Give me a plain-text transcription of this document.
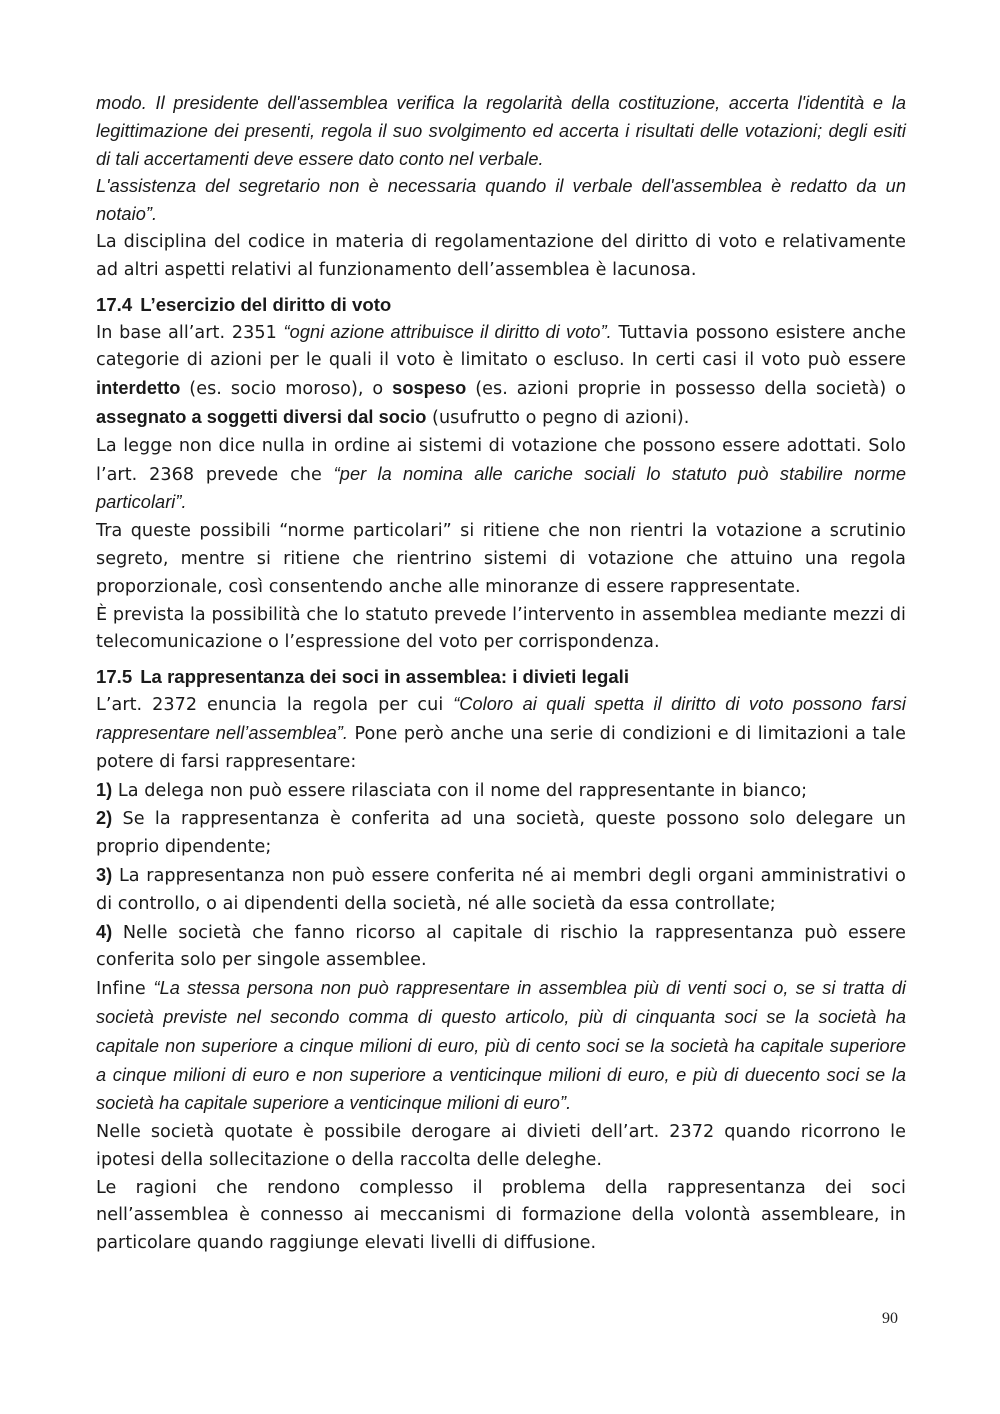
modo. Il presidente dell'assemblea verifica la regolarità della costituzione, accerta l'identità e la legittimazione dei presenti, regola il suo svolgimento ed accerta i risultati delle votazioni; degli esiti di tali accertamenti deve essere dato conto nel verbale.

L'assistenza del segretario non è necessaria quando il verbale dell'assemblea è redatto da un notaio”.

La disciplina del codice in materia di regolamentazione del diritto di voto e relativamente ad altri aspetti relativi al funzionamento dell’assemblea è lacunosa.

17.4 L’esercizio del diritto di voto

In base all’art. 2351 “ogni azione attribuisce il diritto di voto”. Tuttavia possono esistere anche categorie di azioni per le quali il voto è limitato o escluso. In certi casi il voto può essere interdetto (es. socio moroso), o sospeso (es. azioni proprie in possesso della società) o assegnato a soggetti diversi dal socio (usufrutto o pegno di azioni).

La legge non dice nulla in ordine ai sistemi di votazione che possono essere adottati. Solo l’art. 2368 prevede che “per la nomina alle cariche sociali lo statuto può stabilire norme particolari”.

Tra queste possibili “norme particolari” si ritiene che non rientri la votazione a scrutinio segreto, mentre si ritiene che rientrino sistemi di votazione che attuino una regola proporzionale, così consentendo anche alle minoranze di essere rappresentate.

È prevista la possibilità che lo statuto prevede l’intervento in assemblea mediante mezzi di telecomunicazione o l’espressione del voto per corrispondenza.

17.5 La rappresentanza dei soci in assemblea: i divieti legali

L’art. 2372 enuncia la regola per cui “Coloro ai quali spetta il diritto di voto possono farsi rappresentare nell’assemblea”. Pone però anche una serie di condizioni e di limitazioni a tale potere di farsi rappresentare:

1) La delega non può essere rilasciata con il nome del rappresentante in bianco;

2) Se la rappresentanza è conferita ad una società, queste possono solo delegare un proprio dipendente;

3) La rappresentanza non può essere conferita né ai membri degli organi amministrativi o di controllo, o ai dipendenti della società, né alle società da essa controllate;

4) Nelle società che fanno ricorso al capitale di rischio la rappresentanza può essere conferita solo per singole assemblee.

Infine “La stessa persona non può rappresentare in assemblea più di venti soci o, se si tratta di società previste nel secondo comma di questo articolo, più di cinquanta soci se la società ha capitale non superiore a cinque milioni di euro, più di cento soci se la società ha capitale superiore a cinque milioni di euro e non superiore a venticinque milioni di euro, e più di duecento soci se la società ha capitale superiore a venticinque milioni di euro”.

Nelle società quotate è possibile derogare ai divieti dell’art. 2372 quando ricorrono le ipotesi della sollecitazione o della raccolta delle deleghe.

Le ragioni che rendono complesso il problema della rappresentanza dei soci nell’assemblea è connesso ai meccanismi di formazione della volontà assembleare, in particolare quando raggiunge elevati livelli di diffusione.

90
